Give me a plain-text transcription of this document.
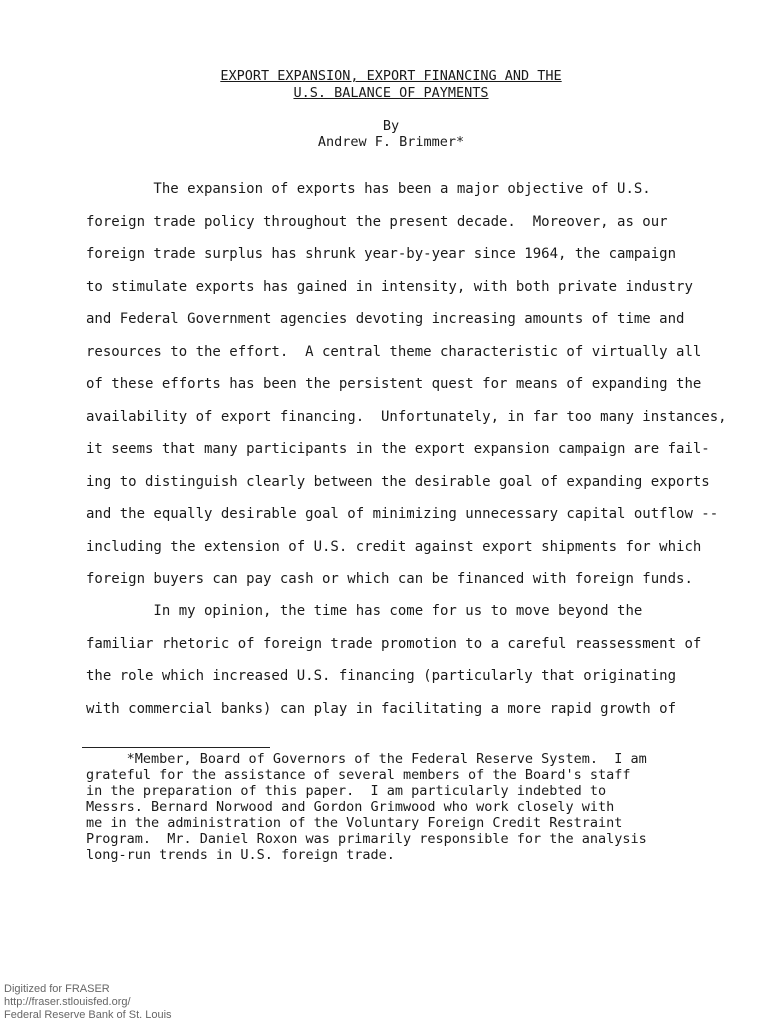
EXPORT EXPANSION, EXPORT FINANCING AND THE
U.S. BALANCE OF PAYMENTS
By
Andrew F. Brimmer*
The expansion of exports has been a major objective of U.S.
foreign trade policy throughout the present decade.  Moreover, as our
foreign trade surplus has shrunk year-by-year since 1964, the campaign
to stimulate exports has gained in intensity, with both private industry
and Federal Government agencies devoting increasing amounts of time and
resources to the effort.  A central theme characteristic of virtually all
of these efforts has been the persistent quest for means of expanding the
availability of export financing.  Unfortunately, in far too many instances,
it seems that many participants in the export expansion campaign are fail-
ing to distinguish clearly between the desirable goal of expanding exports
and the equally desirable goal of minimizing unnecessary capital outflow --
including the extension of U.S. credit against export shipments for which
foreign buyers can pay cash or which can be financed with foreign funds.
In my opinion, the time has come for us to move beyond the
familiar rhetoric of foreign trade promotion to a careful reassessment of
the role which increased U.S. financing (particularly that originating
with commercial banks) can play in facilitating a more rapid growth of
*Member, Board of Governors of the Federal Reserve System.  I am
grateful for the assistance of several members of the Board's staff
in the preparation of this paper.  I am particularly indebted to
Messrs. Bernard Norwood and Gordon Grimwood who work closely with
me in the administration of the Voluntary Foreign Credit Restraint
Program.  Mr. Daniel Roxon was primarily responsible for the analysis
long-run trends in U.S. foreign trade.
Digitized for FRASER
http://fraser.stlouisfed.org/
Federal Reserve Bank of St. Louis
